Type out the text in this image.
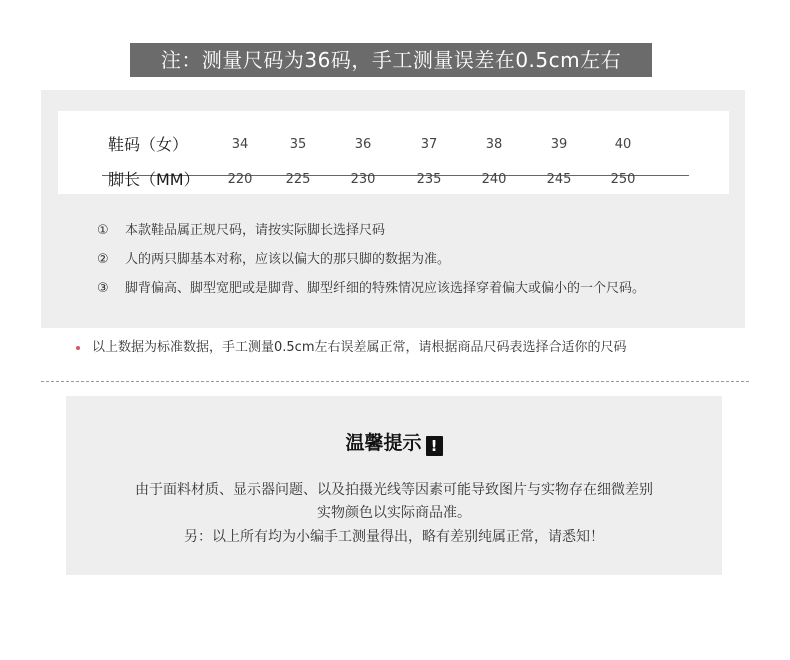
注：测量尺码为36码，手工测量误差在0.5cm左右
鞋码（女）	34	35	36	37	38	39	40
脚长（MM）	220	225	230	235	240	245	250
① 本款鞋品属正规尺码，请按实际脚长选择尺码
② 人的两只脚基本对称，应该以偏大的那只脚的数据为准。
③ 脚背偏高、脚型宽肥或是脚背、脚型纤细的特殊情况应该选择穿着偏大或偏小的一个尺码。
以上数据为标准数据，手工测量0.5cm左右误差属正常，请根据商品尺码表选择合适你的尺码
温馨提示 !
由于面料材质、显示器问题、以及拍摄光线等因素可能导致图片与实物存在细微差别
实物颜色以实际商品准。
另：以上所有均为小编手工测量得出，略有差别纯属正常，请悉知！
